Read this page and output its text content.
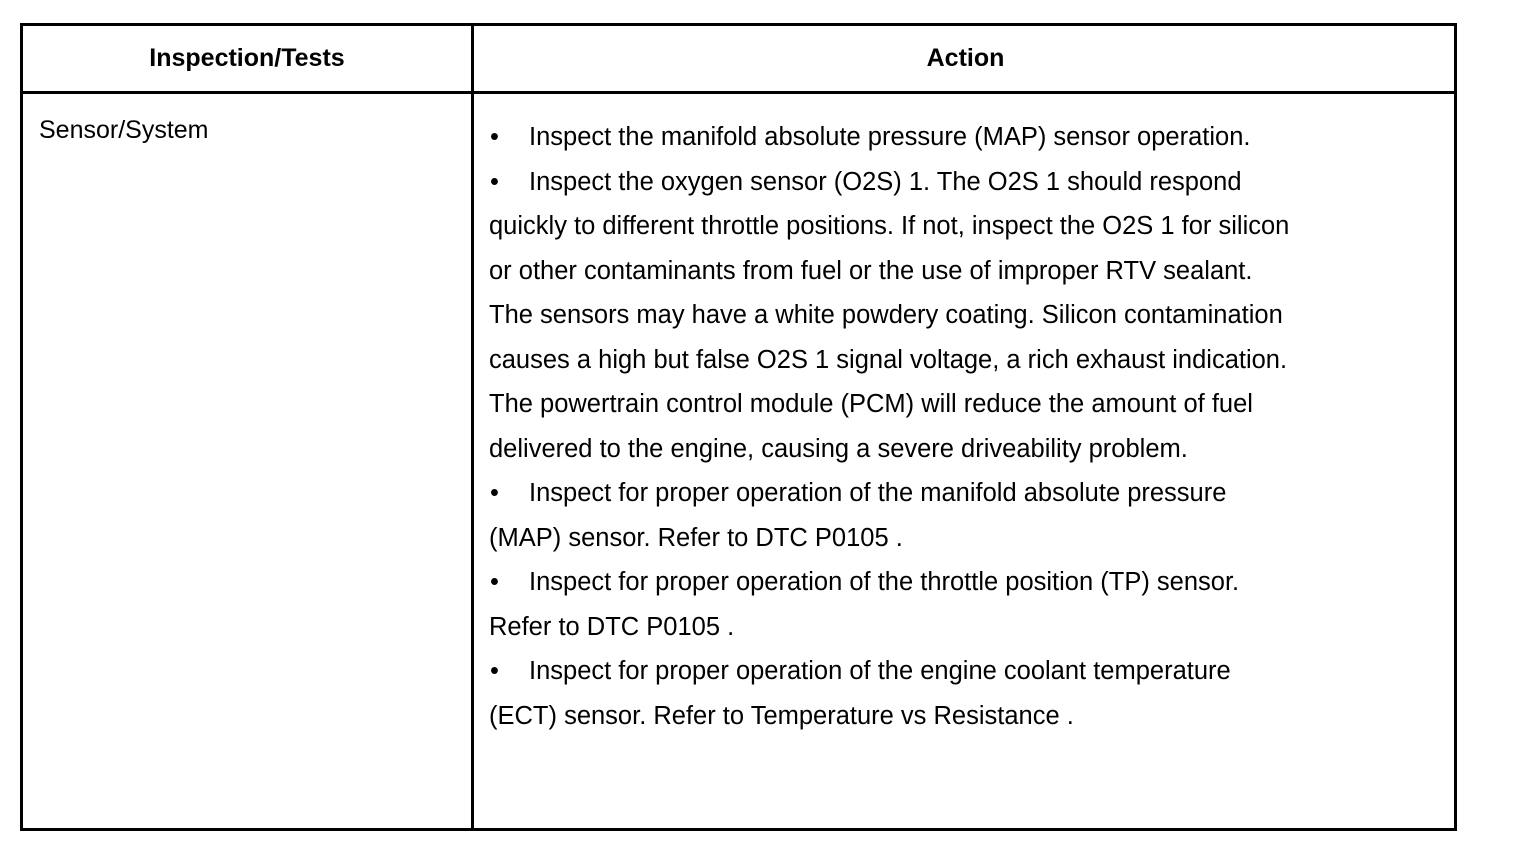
Inspection/Tests	Action
Sensor/System	• Inspect the manifold absolute pressure (MAP) sensor operation.
• Inspect the oxygen sensor (O2S) 1. The O2S 1 should respond
quickly to different throttle positions. If not, inspect the O2S 1 for silicon
or other contaminants from fuel or the use of improper RTV sealant.
The sensors may have a white powdery coating. Silicon contamination
causes a high but false O2S 1 signal voltage, a rich exhaust indication.
The powertrain control module (PCM) will reduce the amount of fuel
delivered to the engine, causing a severe driveability problem.
• Inspect for proper operation of the manifold absolute pressure
(MAP) sensor. Refer to DTC P0105 .
• Inspect for proper operation of the throttle position (TP) sensor.
Refer to DTC P0105 .
• Inspect for proper operation of the engine coolant temperature
(ECT) sensor. Refer to Temperature vs Resistance .
